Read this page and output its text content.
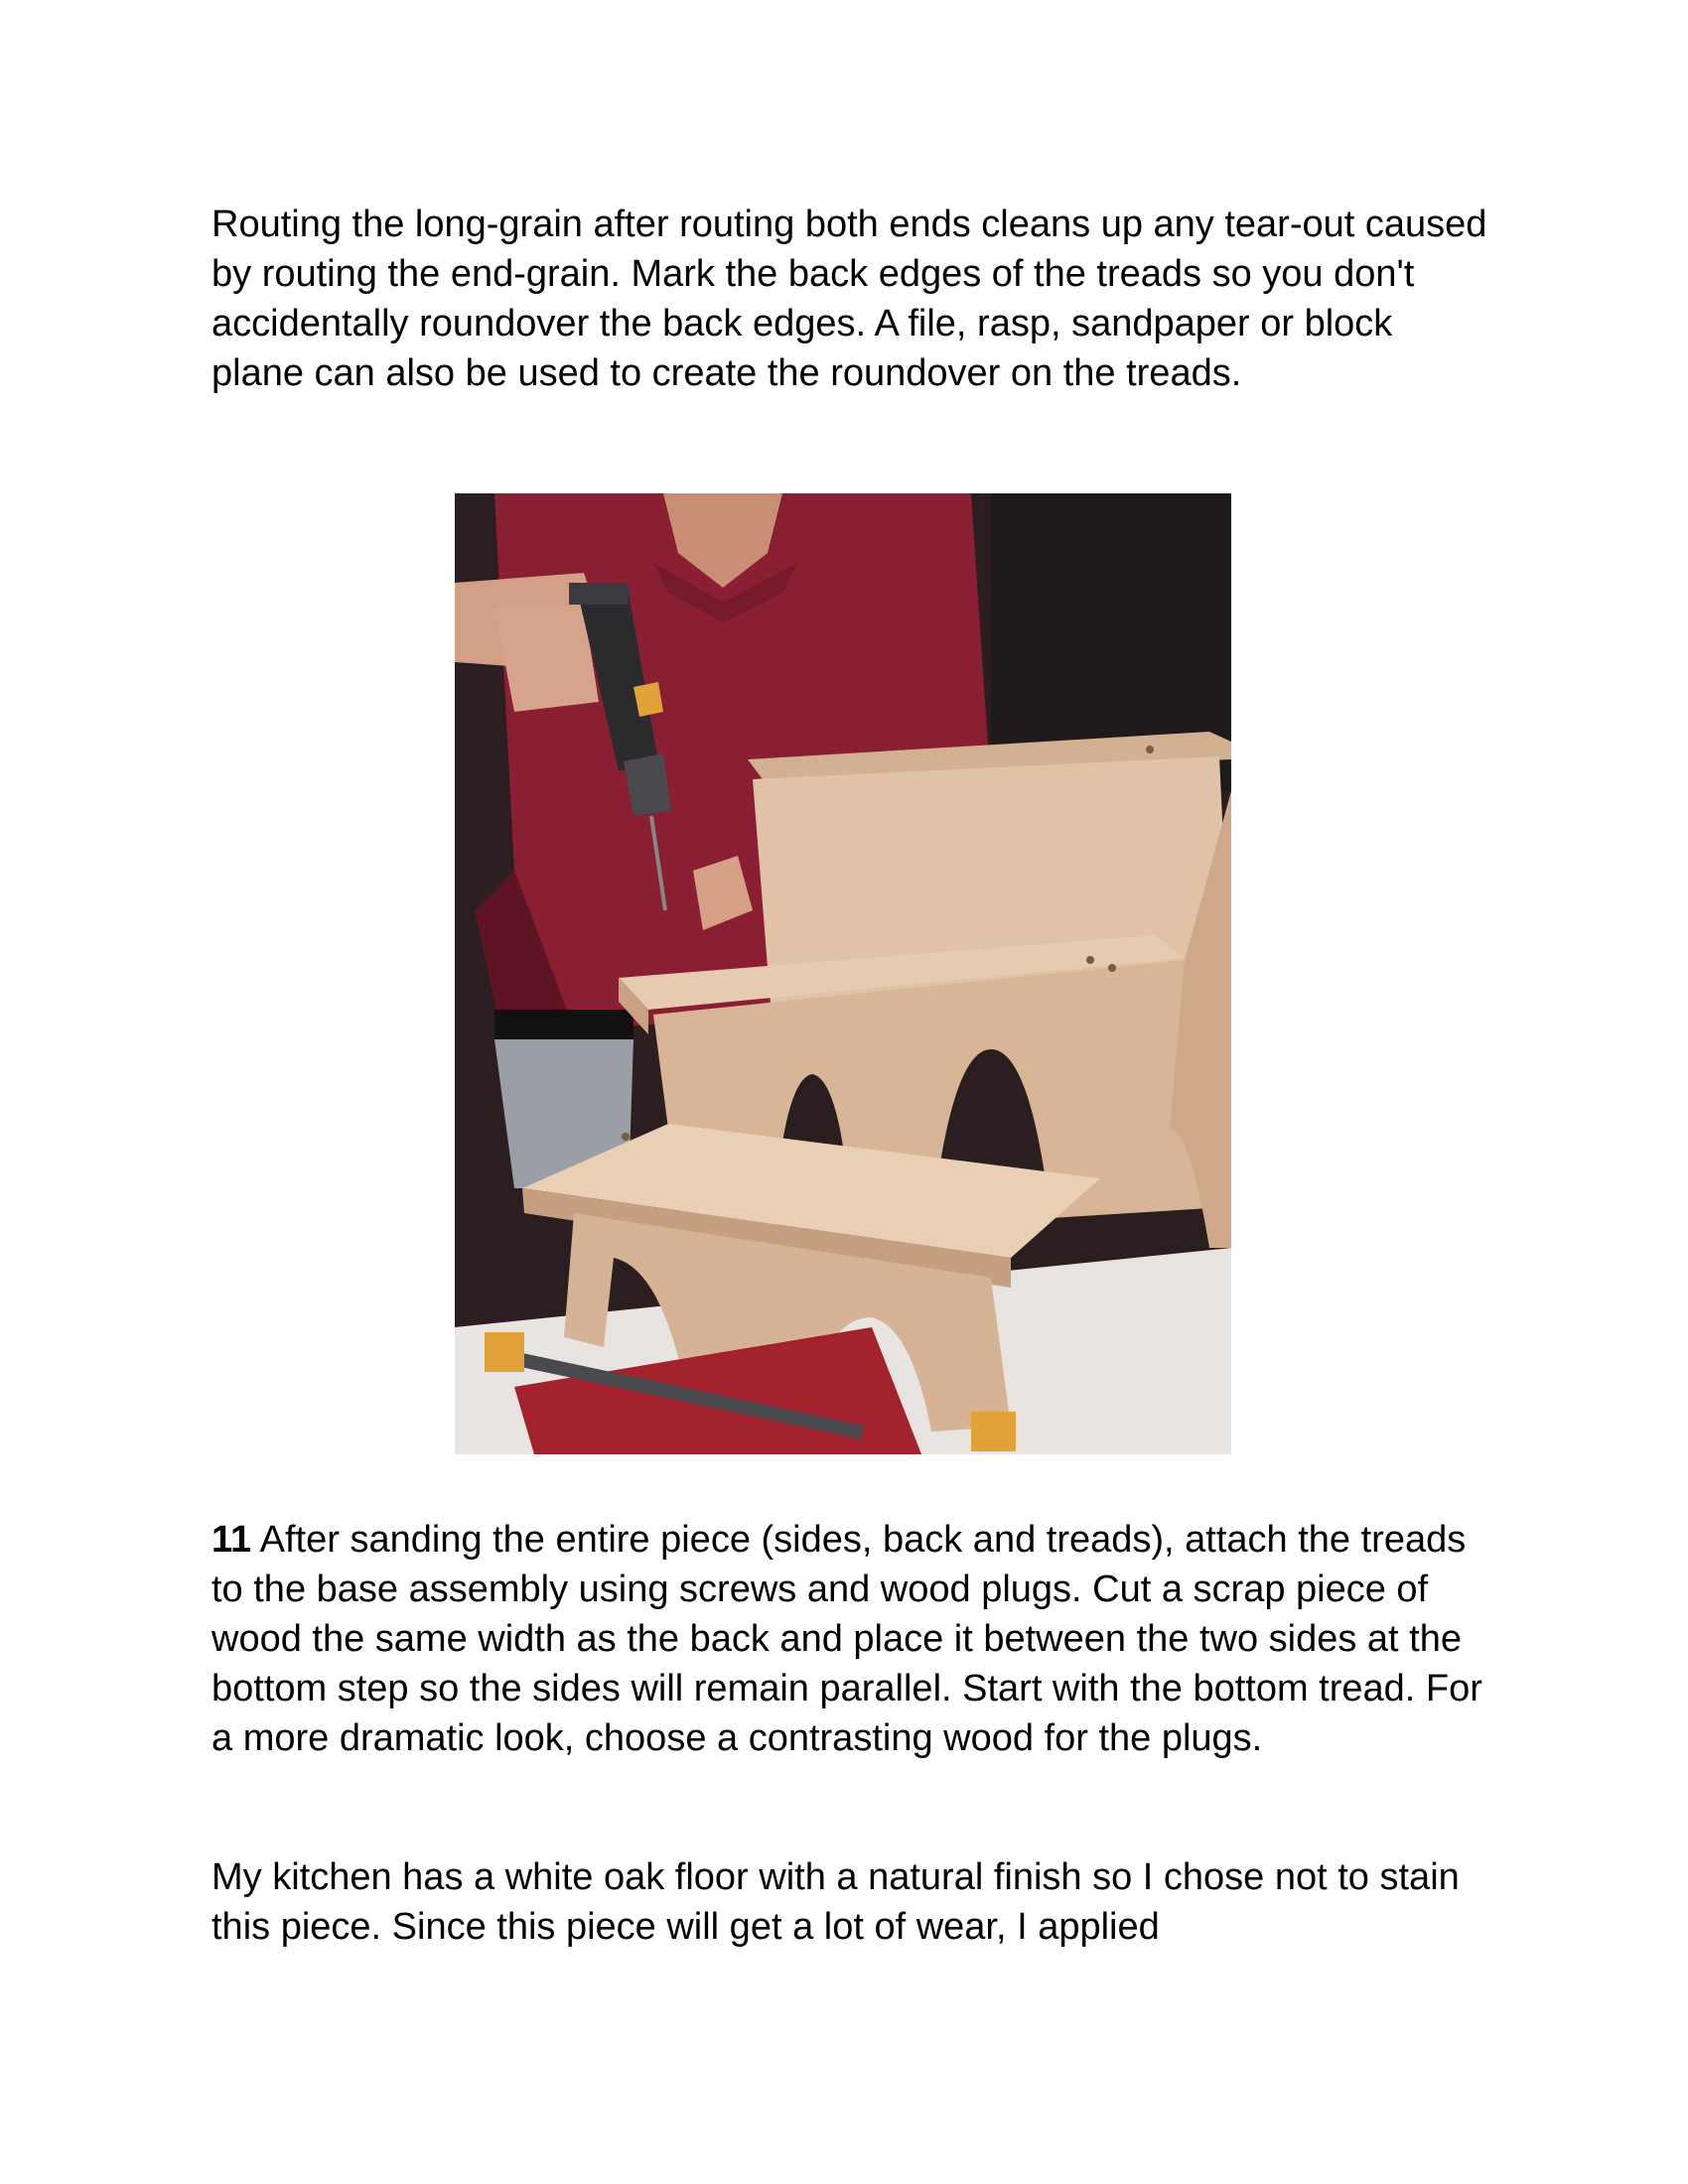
Routing the long-grain after routing both ends cleans up any tear-out caused by routing the end-grain. Mark the back edges of the treads so you don't accidentally roundover the back edges. A file, rasp, sandpaper or block plane can also be used to create the roundover on the treads.

11 After sanding the entire piece (sides, back and treads), attach the treads to the base assembly using screws and wood plugs. Cut a scrap piece of wood the same width as the back and place it between the two sides at the bottom step so the sides will remain parallel. Start with the bottom tread. For a more dramatic look, choose a contrasting wood for the plugs.

My kitchen has a white oak floor with a natural finish so I chose not to stain this piece. Since this piece will get a lot of wear, I applied
